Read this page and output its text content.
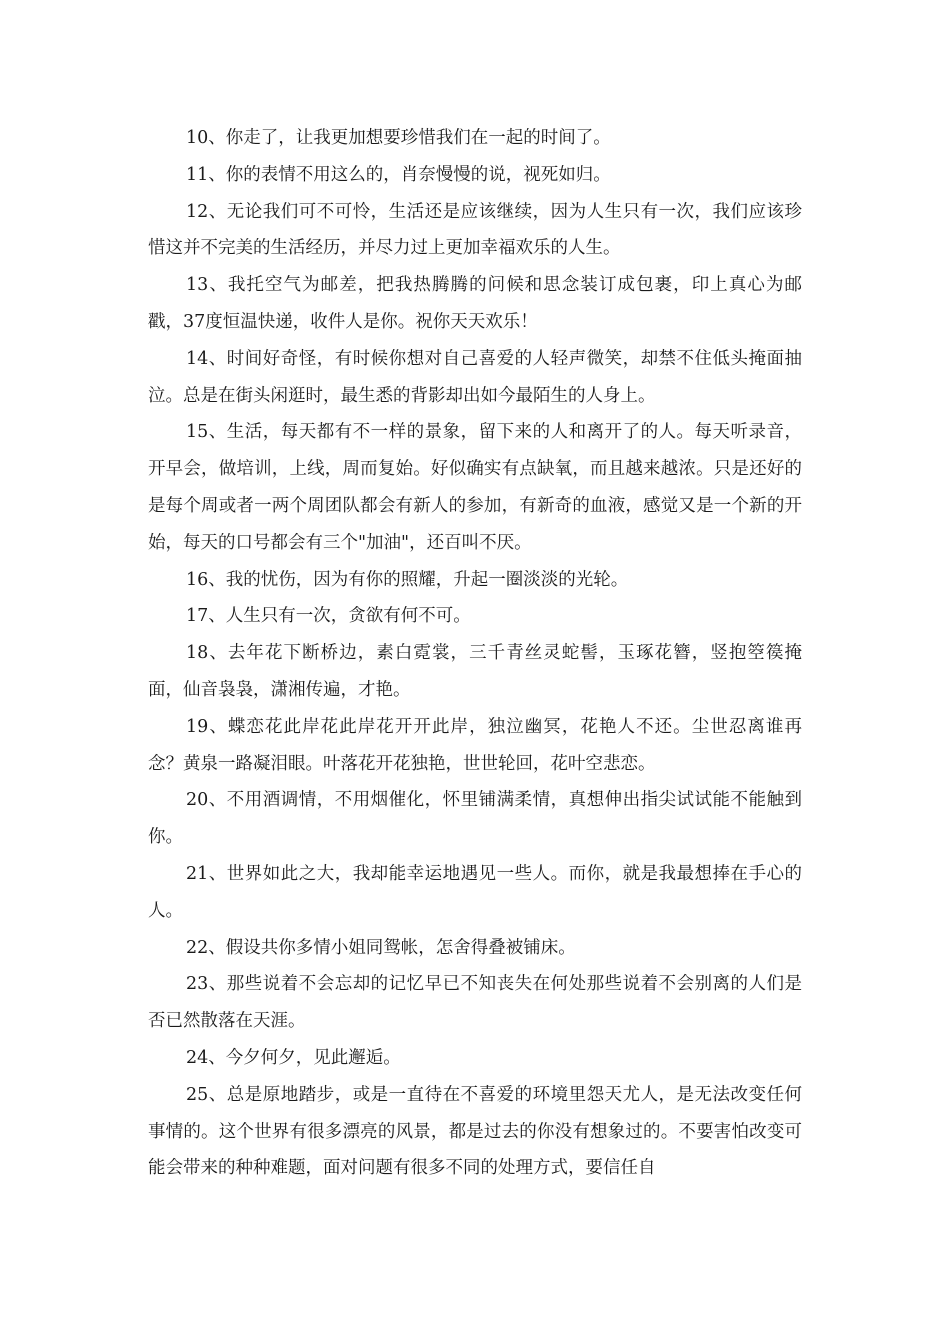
10、你走了，让我更加想要珍惜我们在一起的时间了。

11、你的表情不用这么的，肖奈慢慢的说，视死如归。

12、无论我们可不可怜，生活还是应该继续，因为人生只有一次，我们应该珍惜这并不完美的生活经历，并尽力过上更加幸福欢乐的人生。

13、我托空气为邮差，把我热腾腾的问候和思念装订成包裹，印上真心为邮戳，37度恒温快递，收件人是你。祝你天天欢乐！

14、时间好奇怪，有时候你想对自己喜爱的人轻声微笑，却禁不住低头掩面抽泣。总是在街头闲逛时，最生悉的背影却出如今最陌生的人身上。

15、生活，每天都有不一样的景象，留下来的人和离开了的人。每天听录音，开早会，做培训，上线，周而复始。好似确实有点缺氧，而且越来越浓。只是还好的是每个周或者一两个周团队都会有新人的参加，有新奇的血液，感觉又是一个新的开始，每天的口号都会有三个"加油"，还百叫不厌。

16、我的忧伤，因为有你的照耀，升起一圈淡淡的光轮。

17、人生只有一次，贪欲有何不可。

18、去年花下断桥边，素白霓裳，三千青丝灵蛇髻，玉琢花簪，竖抱箜篌掩面，仙音袅袅，潇湘传遍，才艳。

19、蝶恋花此岸花此岸花开开此岸，独泣幽冥，花艳人不还。尘世忍离谁再念？黄泉一路凝泪眼。叶落花开花独艳，世世轮回，花叶空悲恋。

20、不用酒调情，不用烟催化，怀里铺满柔情，真想伸出指尖试试能不能触到你。

21、世界如此之大，我却能幸运地遇见一些人。而你，就是我最想捧在手心的人。

22、假设共你多情小姐同鸳帐，怎舍得叠被铺床。

23、那些说着不会忘却的记忆早已不知丧失在何处那些说着不会别离的人们是否已然散落在天涯。

24、今夕何夕，见此邂逅。

25、总是原地踏步，或是一直待在不喜爱的环境里怨天尤人，是无法改变任何事情的。这个世界有很多漂亮的风景，都是过去的你没有想象过的。不要害怕改变可能会带来的种种难题，面对问题有很多不同的处理方式，要信任自
